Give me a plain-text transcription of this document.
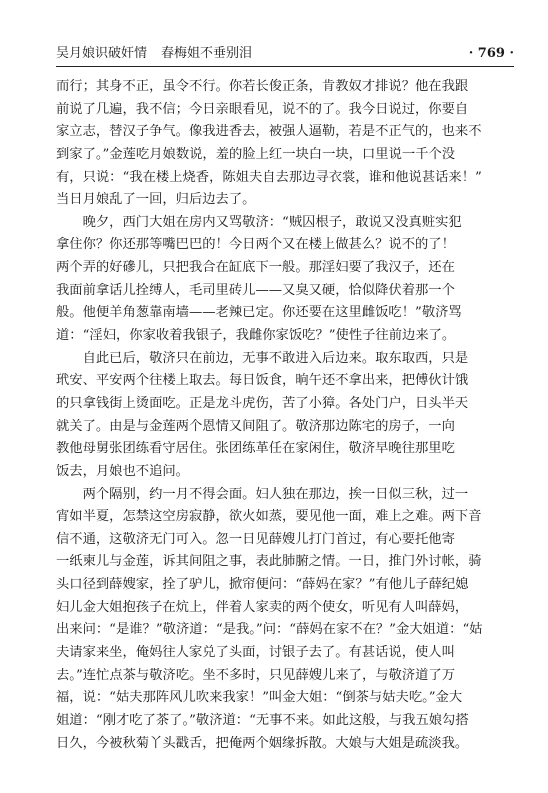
吴月娘识破奸情 春梅姐不垂别泪	· 769 ·
而行；其身不正，虽令不行。你若长俊正条，肯教奴才排说？他在我跟
前说了几遍，我不信；今日亲眼看见，说不的了。我今日说过，你要自
家立志，替汉子争气。像我进香去，被强人逼勒，若是不正气的，也来不
到家了。”金莲吃月娘数说，羞的脸上红一块白一块，口里说一千个没
有，只说：“我在楼上烧香，陈姐夫自去那边寻衣裳，谁和他说甚话来！”
当日月娘乱了一回，归后边去了。
　　晚夕，西门大姐在房内又骂敬济：“贼囚根子，敢说又没真赃实犯
拿住你？你还那等嘴巴巴的！今日两个又在楼上做甚么？说不的了！
两个弄的好磣儿，只把我合在缸底下一般。那淫妇要了我汉子，还在
我面前拿话儿拴缚人，毛司里砖儿——又臭又硬，恰似降伏着那一个
般。他便羊角葱靠南墙——老辣已定。你还要在这里雌饭吃！”敬济骂
道：“淫妇，你家收着我银子，我雌你家饭吃？”使性子往前边来了。
　　自此已后，敬济只在前边，无事不敢进入后边来。取东取西，只是
玳安、平安两个往楼上取去。每日饭食，晌午还不拿出来，把傅伙计饿
的只拿钱街上烫面吃。正是龙斗虎伤，苦了小獐。各处门户，日头半天
就关了。由是与金莲两个恩情又间阻了。敬济那边陈宅的房子，一向
教他母舅张团练看守居住。张团练革任在家闲住，敬济早晚往那里吃
饭去，月娘也不追问。
　　两个隔别，约一月不得会面。妇人独在那边，挨一日似三秋，过一
宵如半夏，怎禁这空房寂静，欲火如蒸，要见他一面，难上之难。两下音
信不通，这敬济无门可入。忽一日见薛嫂儿打门首过，有心要托他寄
一纸柬儿与金莲，诉其间阻之事，表此肺腑之情。一日，推门外讨帐，骑
头口径到薛嫂家，拴了驴儿，掀帘便问：“薛妈在家？”有他儿子薛纪媳
妇儿金大姐抱孩子在炕上，伴着人家卖的两个使女，听见有人叫薛妈，
出来问：“是谁？”敬济道：“是我。”问：“薛妈在家不在？”金大姐道：“姑
夫请家来坐，俺妈往人家兑了头面，讨银子去了。有甚话说，使人叫
去。”连忙点茶与敬济吃。坐不多时，只见薛嫂儿来了，与敬济道了万
福，说：“姑夫那阵风儿吹来我家！”叫金大姐：“倒茶与姑夫吃。”金大
姐道：“刚才吃了茶了。”敬济道：“无事不来。如此这般，与我五娘勾搭
日久，今被秋菊丫头戳舌，把俺两个姻缘拆散。大娘与大姐是疏淡我。
